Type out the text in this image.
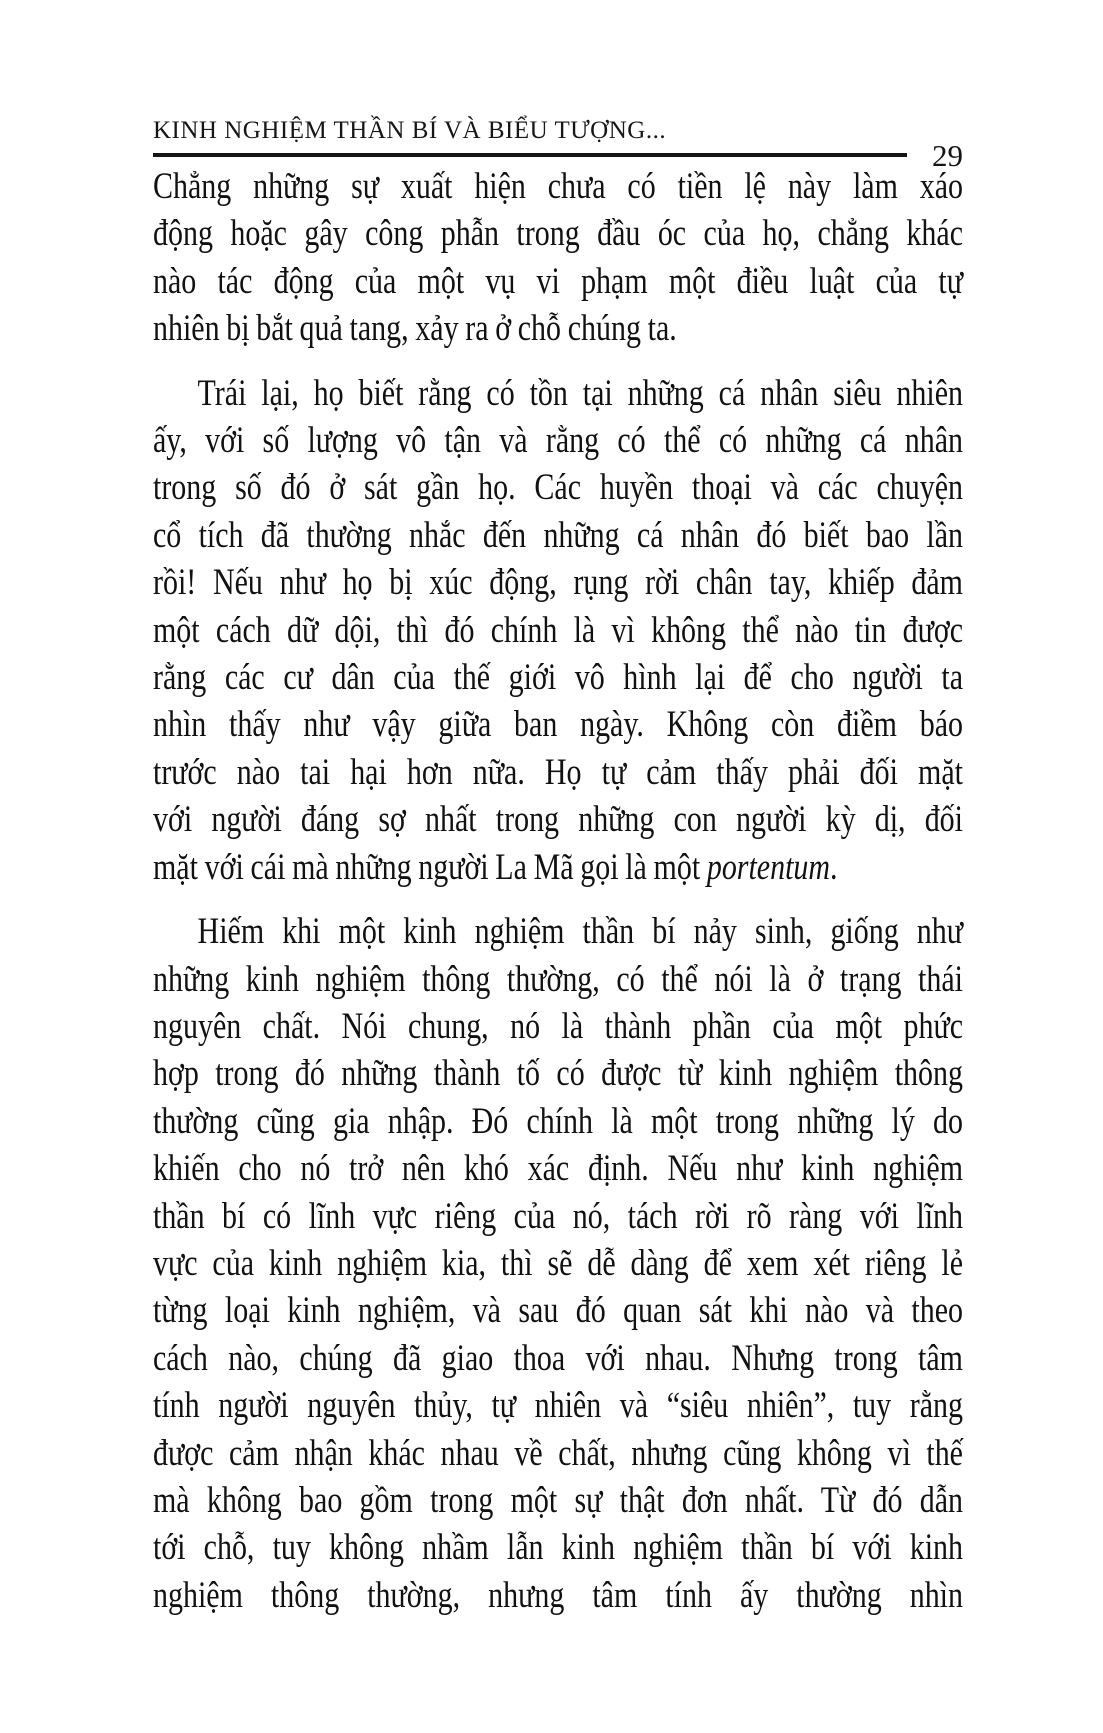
KINH NGHIỆM THẦN BÍ VÀ BIỂU TƯỢNG...
29
Chẳng những sự xuất hiện chưa có tiền lệ này làm xáo
động hoặc gây công phẫn trong đầu óc của họ, chẳng khác
nào tác động của một vụ vi phạm một điều luật của tự
nhiên bị bắt quả tang, xảy ra ở chỗ chúng ta.
Trái lại, họ biết rằng có tồn tại những cá nhân siêu nhiên
ấy, với số lượng vô tận và rằng có thể có những cá nhân
trong số đó ở sát gần họ. Các huyền thoại và các chuyện
cổ tích đã thường nhắc đến những cá nhân đó biết bao lần
rồi! Nếu như họ bị xúc động, rụng rời chân tay, khiếp đảm
một cách dữ dội, thì đó chính là vì không thể nào tin được
rằng các cư dân của thế giới vô hình lại để cho người ta
nhìn thấy như vậy giữa ban ngày. Không còn điềm báo
trước nào tai hại hơn nữa. Họ tự cảm thấy phải đối mặt
với người đáng sợ nhất trong những con người kỳ dị, đối
mặt với cái mà những người La Mã gọi là một portentum.
Hiếm khi một kinh nghiệm thần bí nảy sinh, giống như
những kinh nghiệm thông thường, có thể nói là ở trạng thái
nguyên chất. Nói chung, nó là thành phần của một phức
hợp trong đó những thành tố có được từ kinh nghiệm thông
thường cũng gia nhập. Đó chính là một trong những lý do
khiến cho nó trở nên khó xác định. Nếu như kinh nghiệm
thần bí có lĩnh vực riêng của nó, tách rời rõ ràng với lĩnh
vực của kinh nghiệm kia, thì sẽ dễ dàng để xem xét riêng lẻ
từng loại kinh nghiệm, và sau đó quan sát khi nào và theo
cách nào, chúng đã giao thoa với nhau. Nhưng trong tâm
tính người nguyên thủy, tự nhiên và “siêu nhiên”, tuy rằng
được cảm nhận khác nhau về chất, nhưng cũng không vì thế
mà không bao gồm trong một sự thật đơn nhất. Từ đó dẫn
tới chỗ, tuy không nhầm lẫn kinh nghiệm thần bí với kinh
nghiệm thông thường, nhưng tâm tính ấy thường nhìn
